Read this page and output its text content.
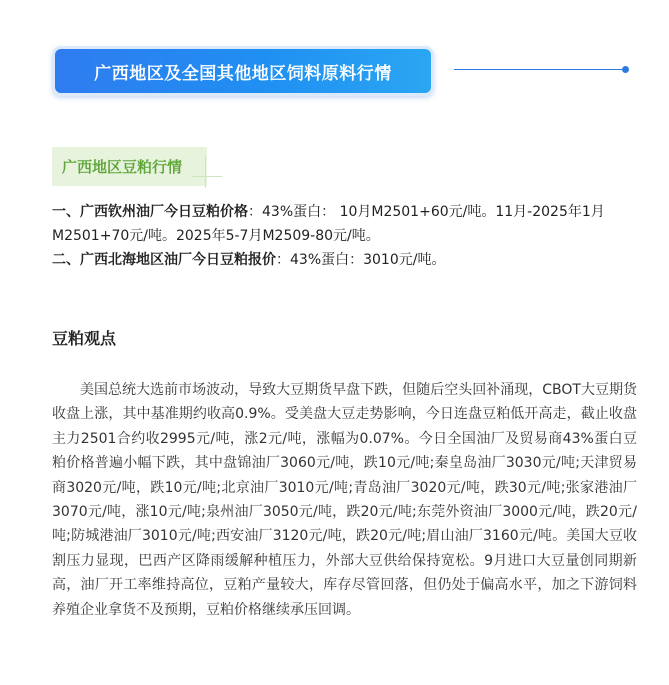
广西地区及全国其他地区饲料原料行情
广西地区豆粕行情

一、广西钦州油厂今日豆粕价格：43%蛋白： 10月M2501+60元/吨。11月-2025年1月M2501+70元/吨。2025年5-7月M2509-80元/吨。

二、广西北海地区油厂今日豆粕报价：43%蛋白：3010元/吨。

豆粕观点

美国总统大选前市场波动，导致大豆期货早盘下跌，但随后空头回补涌现，CBOT大豆期货收盘上涨，其中基准期约收高0.9%。受美盘大豆走势影响，今日连盘豆粕低开高走，截止收盘主力2501合约收2995元/吨，涨2元/吨，涨幅为0.07%。今日全国油厂及贸易商43%蛋白豆粕价格普遍小幅下跌，其中盘锦油厂3060元/吨，跌10元/吨;秦皇岛油厂3030元/吨;天津贸易商3020元/吨，跌10元/吨;北京油厂3010元/吨;青岛油厂3020元/吨，跌30元/吨;张家港油厂3070元/吨，涨10元/吨;泉州油厂3050元/吨，跌20元/吨;东莞外资油厂3000元/吨，跌20元/吨;防城港油厂3010元/吨;西安油厂3120元/吨，跌20元/吨;眉山油厂3160元/吨。美国大豆收割压力显现，巴西产区降雨缓解种植压力，外部大豆供给保持宽松。9月进口大豆量创同期新高，油厂开工率维持高位，豆粕产量较大，库存尽管回落，但仍处于偏高水平，加之下游饲料养殖企业拿货不及预期，豆粕价格继续承压回调。
